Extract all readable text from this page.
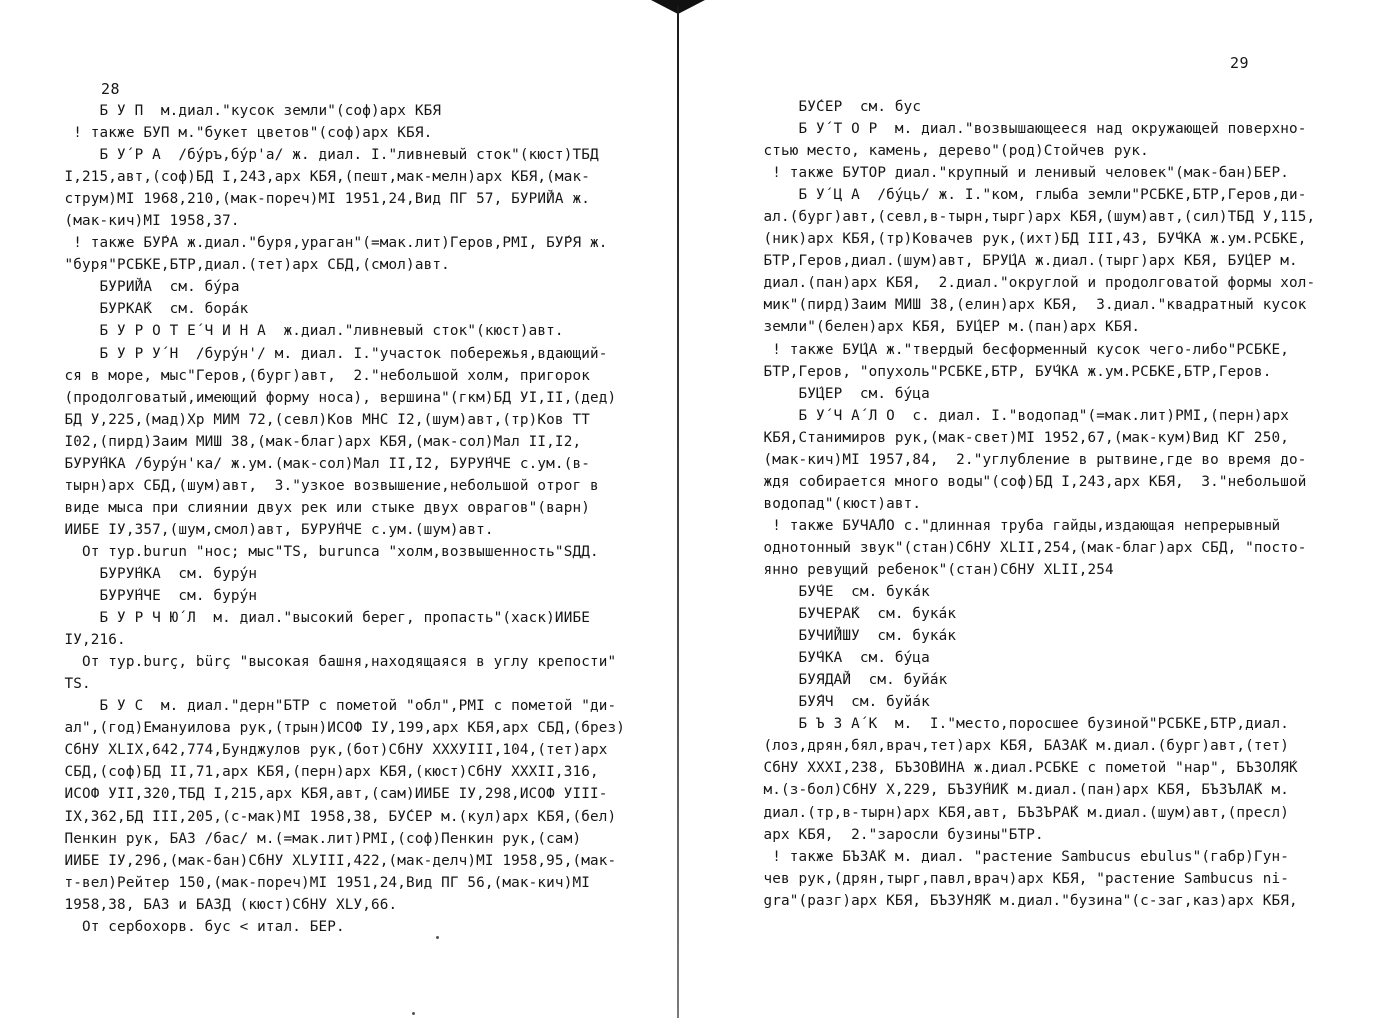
28
Б У П  м.диал."кусок земли"(соф)арх КБЯ
! также БУП м."букет цветов"(соф)арх КБЯ.
Б У́ Р А  /бу́ръ,бу́р'а/ ж. диал. I."ливневый сток"(кюст)ТБД
I,215,авт,(соф)БД I,243,арх КБЯ,(пешт,мак-мелн)арх КБЯ,(мак-
струм)МI 1968,210,(мак-пореч)МI 1951,24,Вид ПГ 57, БУРИ́ЙА ж.
(мак-кич)МI 1958,37.
! также БУ́РА ж.диал."буря,ураган"(=мак.лит)Геров,РМI, БУ́РЯ ж.
"буря"РСБКЕ,БТР,диал.(тет)арх СБД,(смол)авт.
БУРИ́ЙА  см. бу́ра
БУРКА́К  см. бора́к
Б У Р О Т Е́ Ч И Н А  ж.диал."ливневый сток"(кюст)авт.
Б У Р У́ Н  /буру́н'/ м. диал. I."участок побережья,вдающий-
ся в море, мыс"Геров,(бург)авт,  2."небольшой холм, пригорок
(продолговатый,имеющий форму носа), вершина"(гкм)БД УI,II,(дед)
БД У,225,(мад)Хр МИМ 72,(севл)Ков МНС I2,(шум)авт,(тр)Ков ТТ
I02,(пирд)Заим МИШ 38,(мак-благ)арх КБЯ,(мак-сол)Мал II,I2,
БУРУ́НКА /буру́н'ка/ ж.ум.(мак-сол)Мал II,I2, БУРУ́НЧЕ с.ум.(в-
тырн)арх СБД,(шум)авт,  3."узкое возвышение,небольшой отрог в
виде мыса при слиянии двух рек или стыке двух оврагов"(варн)
ИИБЕ IУ,357,(шум,смол)авт, БУРУ́НЧЕ с.ум.(шум)авт.
От тур.burun "нос; мыс"TS, burunca "холм,возвышенность"SДД.
БУРУ́НКА  см. буру́н
БУРУ́НЧЕ  см. буру́н
Б У Р Ч Ю́ Л  м. диал."высокий берег, пропасть"(хаск)ИИБЕ
IУ,216.
От тур.burç, bürç "высокая башня,находящаяся в углу крепости"
TS.
Б У С  м. диал."дерн"БТР с пометой "обл",РМI с пометой "ди-
ал",(год)Емануилова рук,(трын)ИСОФ IУ,199,арх КБЯ,арх СБД,(брез)
СбНУ XLIX,642,774,Бунджулов рук,(бот)СбНУ XXXУIII,104,(тет)арх
СБД,(соф)БД II,71,арх КБЯ,(перн)арх КБЯ,(кюст)СбНУ XXXII,316,
ИСОФ УII,320,ТБД I,215,арх КБЯ,авт,(сам)ИИБЕ IУ,298,ИСОФ УIII-
IX,362,БД III,205,(с-мак)МI 1958,38, БУ́СЕР м.(кул)арх КБЯ,(бел)
Пенкин рук, БАЗ /бас/ м.(=мак.лит)РМI,(соф)Пенкин рук,(сам)
ИИБЕ IУ,296,(мак-бан)СбНУ XLУIII,422,(мак-делч)МI 1958,95,(мак-
т-вел)Рейтер 150,(мак-пореч)МI 1951,24,Вид ПГ 56,(мак-кич)МI
1958,38, БАЗ и БАЗД (кюст)СбНУ XLУ,66.
От сербохорв. бус < итал. БЕР.
29
БУ́СЕР  см. бус
Б У́ Т О Р  м. диал."возвышающееся над окружающей поверхно-
стью место, камень, дерево"(род)Стойчев рук.
! также БУТОР диал."крупный и ленивый человек"(мак-бан)БЕР.
Б У́ Ц А  /бу́ць/ ж. I."ком, глыба земли"РСБКЕ,БТР,Геров,ди-
ал.(бург)авт,(севл,в-тырн,тырг)арх КБЯ,(шум)авт,(сил)ТБД У,115,
(ник)арх КБЯ,(тр)Ковачев рук,(ихт)БД III,43, БУ́ЧКА ж.ум.РСБКЕ,
БТР,Геров,диал.(шум)авт, БРУ́ЦА ж.диал.(тырг)арх КБЯ, БУ́ЦЕР м.
диал.(пан)арх КБЯ,  2.диал."округлой и продолговатой формы хол-
мик"(пирд)Заим МИШ 38,(елин)арх КБЯ,  3.диал."квадратный кусок
земли"(белен)арх КБЯ, БУ́ЦЕР м.(пан)арх КБЯ.
! также БУ́ЦА ж."твердый бесформенный кусок чего-либо"РСБКЕ,
БТР,Геров, "опухоль"РСБКЕ,БТР, БУ́ЧКА ж.ум.РСБКЕ,БТР,Геров.
БУ́ЦЕР  см. бу́ца
Б У́ Ч А́ Л О  с. диал. I."водопад"(=мак.лит)РМI,(перн)арх
КБЯ,Станимиров рук,(мак-свет)МI 1952,67,(мак-кум)Вид КГ 250,
(мак-кич)МI 1957,84,  2."углубление в рытвине,где во время до-
ждя собирается много воды"(соф)БД I,243,арх КБЯ,  3."небольшой
водопад"(кюст)авт.
! также БУЧА́ЛО с."длинная труба гайды,издающая непрерывный
однотонный звук"(стан)СбНУ XLII,254,(мак-благ)арх СБД, "посто-
янно ревущий ребенок"(стан)СбНУ XLII,254
БУ́ЧЕ  см. бука́к
БУЧЕРА́К  см. бука́к
БУЧИ́ЙШУ  см. бука́к
БУ́ЧКА  см. бу́ца
БУЯДА́Й  см. буйа́к
БУ́ЯЧ  см. буйа́к
Б Ъ З А́ К  м.  I."место,поросшее бузиной"РСБКЕ,БТР,диал.
(лоз,дрян,бял,врач,тет)арх КБЯ, БАЗА́К м.диал.(бург)авт,(тет)
СбНУ XXXI,238, БЪЗО́ВИНА ж.диал.РСБКЕ с пометой "нар", БЪЗОЛЯ́К
м.(з-бол)СбНУ X,229, БЪЗУ́НИ́К м.диал.(пан)арх КБЯ, БЪЗЪЛА́К м.
диал.(тр,в-тырн)арх КБЯ,авт, БЪЗЪРА́К м.диал.(шум)авт,(пресл)
арх КБЯ,  2."заросли бузины"БТР.
! также БЪЗА́К м. диал. "растение Sambucus ebulus"(габр)Гун-
чев рук,(дрян,тырг,павл,врач)арх КБЯ, "растение Sambucus ni-
gra"(разг)арх КБЯ, БЪЗУНЯ́К м.диал."бузина"(с-заг,каз)арх КБЯ,
